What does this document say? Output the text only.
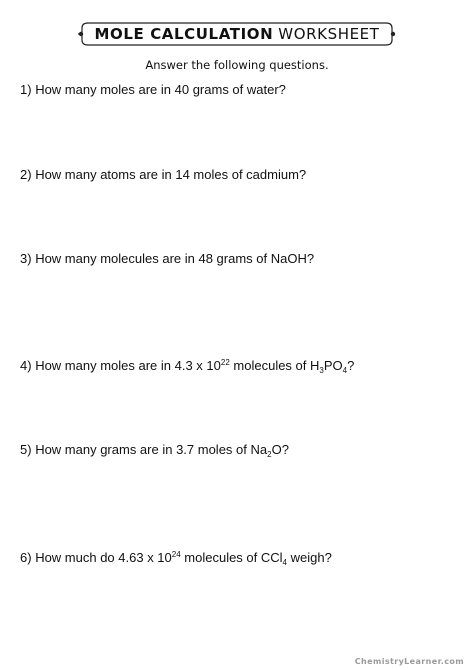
MOLE CALCULATION WORKSHEET
Answer the following questions.
1) How many moles are in 40 grams of water?
2) How many atoms are in 14 moles of cadmium?
3) How many molecules are in 48 grams of NaOH?
4) How many moles are in 4.3 x $10^{22}$ molecules of $H_3PO_4$?
5) How many grams are in 3.7 moles of $Na_2O$?
6) How much do 4.63 x $10^{24}$ molecules of CCl$_4$ weigh?
ChemistryLearner.com
